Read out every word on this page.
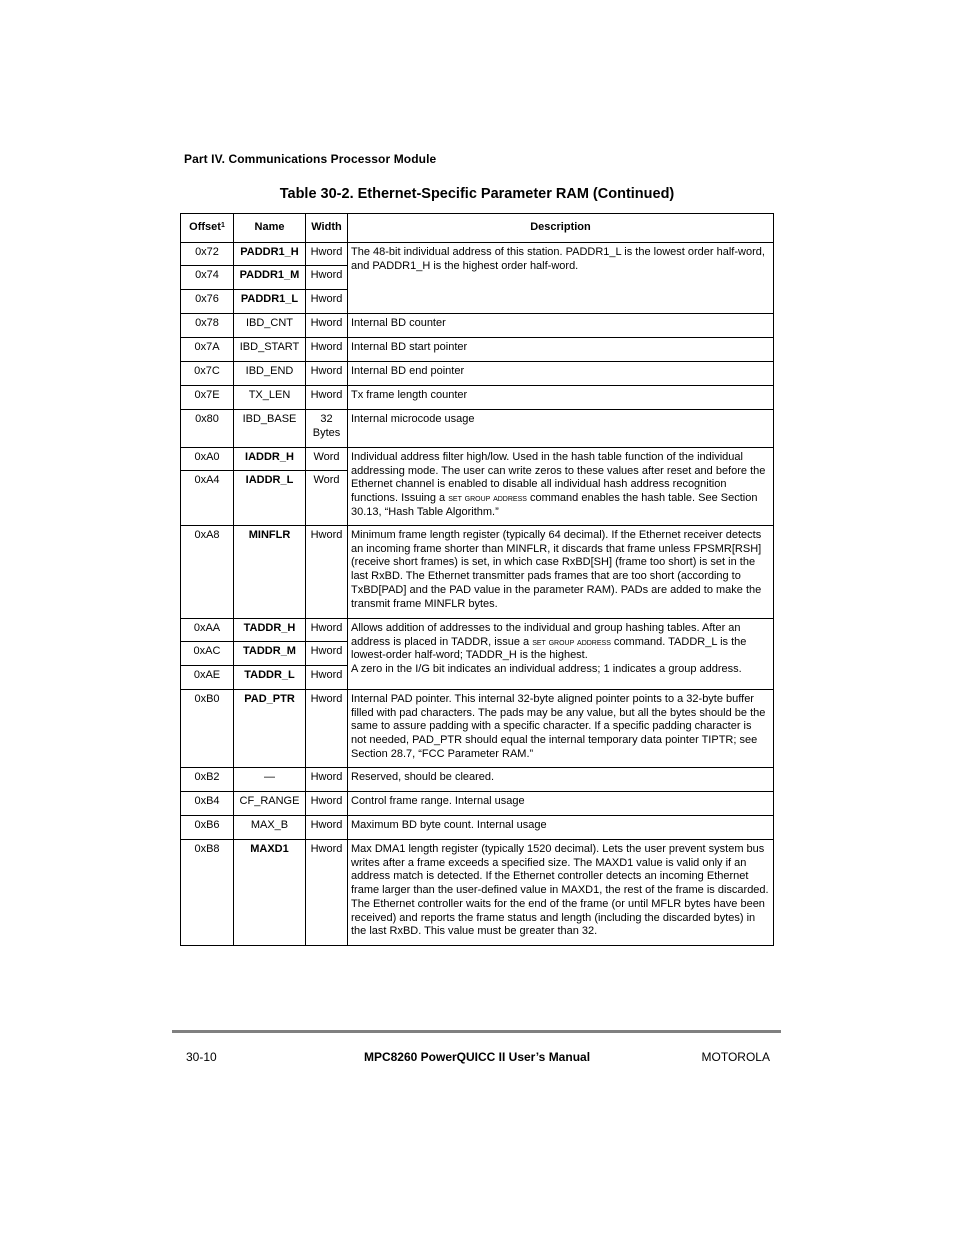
Part IV. Communications Processor Module
Table 30-2. Ethernet-Specific Parameter RAM (Continued)
Offset$^1$	Name	Width	Description
0x72	PADDR1_H	Hword	The 48-bit individual address of this station. PADDR1_L is the lowest order half-word, and PADDR1_H is the highest order half-word.
0x74	PADDR1_M	Hword	
0x76	PADDR1_L	Hword	
0x78	IBD_CNT	Hword	Internal BD counter
0x7A	IBD_START	Hword	Internal BD start pointer
0x7C	IBD_END	Hword	Internal BD end pointer
0x7E	TX_LEN	Hword	Tx frame length counter
0x80	IBD_BASE	32 Bytes	Internal microcode usage
0xA0	IADDR_H	Word	Individual address filter high/low. Used in the hash table function of the individual addressing mode. The user can write zeros to these values after reset and before the Ethernet channel is enabled to disable all individual hash address recognition functions. Issuing a set group address command enables the hash table. See Section 30.13, “Hash Table Algorithm.”
0xA4	IADDR_L	Word	
0xA8	MINFLR	Hword	Minimum frame length register (typically 64 decimal). If the Ethernet receiver detects an incoming frame shorter than MINFLR, it discards that frame unless FPSMR[RSH] (receive short frames) is set, in which case RxBD[SH] (frame too short) is set in the last RxBD. The Ethernet transmitter pads frames that are too short (according to TxBD[PAD] and the PAD value in the parameter RAM). PADs are added to make the transmit frame MINFLR bytes.
0xAA	TADDR_H	Hword	Allows addition of addresses to the individual and group hashing tables. After an address is placed in TADDR, issue a set group address command. TADDR_L is the lowest-order half-word; TADDR_H is the highest.
A zero in the I/G bit indicates an individual address; 1 indicates a group address.
0xAC	TADDR_M	Hword	
0xAE	TADDR_L	Hword	
0xB0	PAD_PTR	Hword	Internal PAD pointer. This internal 32-byte aligned pointer points to a 32-byte buffer filled with pad characters. The pads may be any value, but all the bytes should be the same to assure padding with a specific character. If a specific padding character is not needed, PAD_PTR should equal the internal temporary data pointer TIPTR; see Section 28.7, “FCC Parameter RAM.”
0xB2	—	Hword	Reserved, should be cleared.
0xB4	CF_RANGE	Hword	Control frame range. Internal usage
0xB6	MAX_B	Hword	Maximum BD byte count. Internal usage
0xB8	MAXD1	Hword	Max DMA1 length register (typically 1520 decimal). Lets the user prevent system bus writes after a frame exceeds a specified size. The MAXD1 value is valid only if an address match is detected. If the Ethernet controller detects an incoming Ethernet frame larger than the user-defined value in MAXD1, the rest of the frame is discarded. The Ethernet controller waits for the end of the frame (or until MFLR bytes have been received) and reports the frame status and length (including the discarded bytes) in the last RxBD. This value must be greater than 32.
30-10	MPC8260 PowerQUICC II User’s Manual	MOTOROLA
